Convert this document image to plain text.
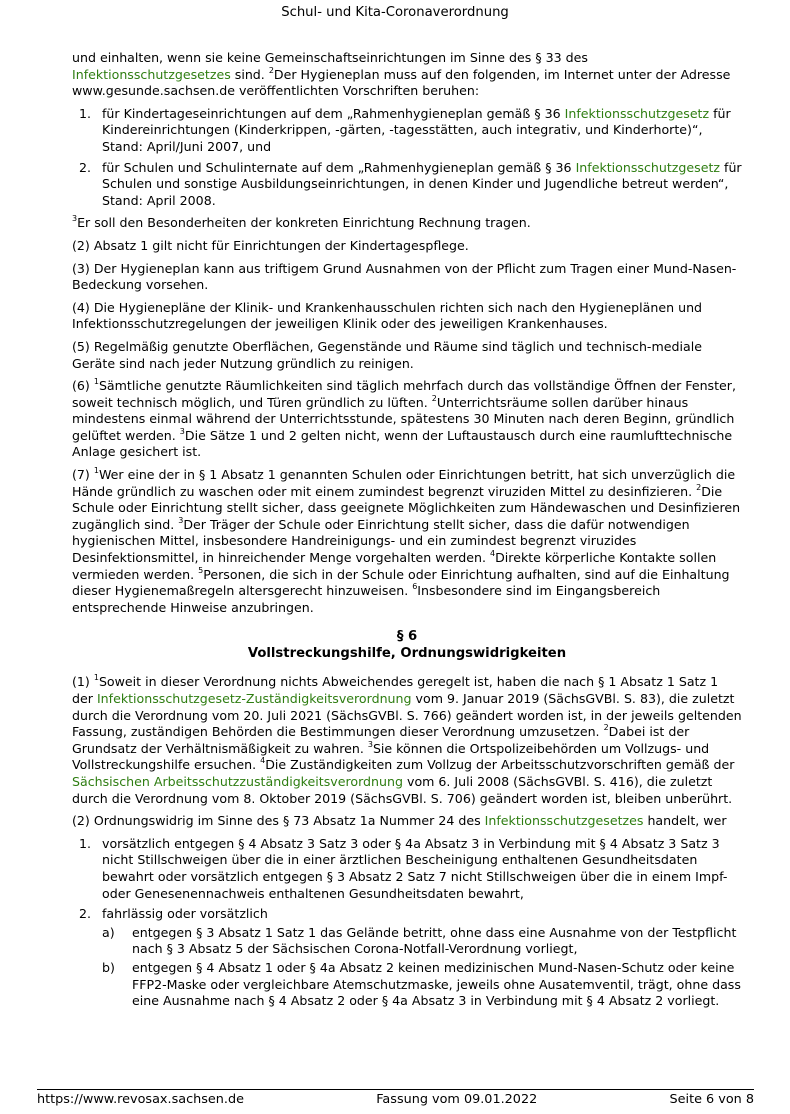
Schul- und Kita-Coronaverordnung

und einhalten, wenn sie keine Gemeinschaftseinrichtungen im Sinne des § 33 des Infektionsschutzgesetzes sind. $^2$Der Hygieneplan muss auf den folgenden, im Internet unter der Adresse www.gesunde.sachsen.de veröffentlichten Vorschriften beruhen:

1. für Kindertageseinrichtungen auf dem „Rahmenhygieneplan gemäß § 36 Infektionsschutzgesetz für Kindereinrichtungen (Kinderkrippen, -gärten, -tagesstätten, auch integrativ, und Kinderhorte)“, Stand: April/Juni 2007, und
2. für Schulen und Schulinternate auf dem „Rahmenhygieneplan gemäß § 36 Infektionsschutzgesetz für Schulen und sonstige Ausbildungseinrichtungen, in denen Kinder und Jugendliche betreut werden“, Stand: April 2008.

$^3$Er soll den Besonderheiten der konkreten Einrichtung Rechnung tragen.

(2) Absatz 1 gilt nicht für Einrichtungen der Kindertagespflege.

(3) Der Hygieneplan kann aus triftigem Grund Ausnahmen von der Pflicht zum Tragen einer Mund-Nasen-Bedeckung vorsehen.

(4) Die Hygienepläne der Klinik- und Krankenhausschulen richten sich nach den Hygieneplänen und Infektionsschutzregelungen der jeweiligen Klinik oder des jeweiligen Krankenhauses.

(5) Regelmäßig genutzte Oberflächen, Gegenstände und Räume sind täglich und technisch-mediale Geräte sind nach jeder Nutzung gründlich zu reinigen.

(6) $^1$Sämtliche genutzte Räumlichkeiten sind täglich mehrfach durch das vollständige Öffnen der Fenster, soweit technisch möglich, und Türen gründlich zu lüften. $^2$Unterrichtsräume sollen darüber hinaus mindestens einmal während der Unterrichtsstunde, spätestens 30 Minuten nach deren Beginn, gründlich gelüftet werden. $^3$Die Sätze 1 und 2 gelten nicht, wenn der Luftaustausch durch eine raumlufttechnische Anlage gesichert ist.

(7) $^1$Wer eine der in § 1 Absatz 1 genannten Schulen oder Einrichtungen betritt, hat sich unverzüglich die Hände gründlich zu waschen oder mit einem zumindest begrenzt viruziden Mittel zu desinfizieren. $^2$Die Schule oder Einrichtung stellt sicher, dass geeignete Möglichkeiten zum Händewaschen und Desinfizieren zugänglich sind. $^3$Der Träger der Schule oder Einrichtung stellt sicher, dass die dafür notwendigen hygienischen Mittel, insbesondere Handreinigungs- und ein zumindest begrenzt viruzides Desinfektionsmittel, in hinreichender Menge vorgehalten werden. $^4$Direkte körperliche Kontakte sollen vermieden werden. $^5$Personen, die sich in der Schule oder Einrichtung aufhalten, sind auf die Einhaltung dieser Hygienemaßregeln altersgerecht hinzuweisen. $^6$Insbesondere sind im Eingangsbereich entsprechende Hinweise anzubringen.

§ 6
Vollstreckungshilfe, Ordnungswidrigkeiten

(1) $^1$Soweit in dieser Verordnung nichts Abweichendes geregelt ist, haben die nach § 1 Absatz 1 Satz 1 der Infektionsschutzgesetz-Zuständigkeitsverordnung vom 9. Januar 2019 (SächsGVBl. S. 83), die zuletzt durch die Verordnung vom 20. Juli 2021 (SächsGVBl. S. 766) geändert worden ist, in der jeweils geltenden Fassung, zuständigen Behörden die Bestimmungen dieser Verordnung umzusetzen. $^2$Dabei ist der Grundsatz der Verhältnismäßigkeit zu wahren. $^3$Sie können die Ortspolizeibehörden um Vollzugs- und Vollstreckungshilfe ersuchen. $^4$Die Zuständigkeiten zum Vollzug der Arbeitsschutzvorschriften gemäß der Sächsischen Arbeitsschutzzuständigkeitsverordnung vom 6. Juli 2008 (SächsGVBl. S. 416), die zuletzt durch die Verordnung vom 8. Oktober 2019 (SächsGVBl. S. 706) geändert worden ist, bleiben unberührt.

(2) Ordnungswidrig im Sinne des § 73 Absatz 1a Nummer 24 des Infektionsschutzgesetzes handelt, wer

1. vorsätzlich entgegen § 4 Absatz 3 Satz 3 oder § 4a Absatz 3 in Verbindung mit § 4 Absatz 3 Satz 3 nicht Stillschweigen über die in einer ärztlichen Bescheinigung enthaltenen Gesundheitsdaten bewahrt oder vorsätzlich entgegen § 3 Absatz 2 Satz 7 nicht Stillschweigen über die in einem Impf- oder Genesenennachweis enthaltenen Gesundheitsdaten bewahrt,
2. fahrlässig oder vorsätzlich
a) entgegen § 3 Absatz 1 Satz 1 das Gelände betritt, ohne dass eine Ausnahme von der Testpflicht nach § 3 Absatz 5 der Sächsischen Corona-Notfall-Verordnung vorliegt,
b) entgegen § 4 Absatz 1 oder § 4a Absatz 2 keinen medizinischen Mund-Nasen-Schutz oder keine FFP2-Maske oder vergleichbare Atemschutzmaske, jeweils ohne Ausatemventil, trägt, ohne dass eine Ausnahme nach § 4 Absatz 2 oder § 4a Absatz 3 in Verbindung mit § 4 Absatz 2 vorliegt.
https://www.revosax.sachsen.de	Fassung vom 09.01.2022	Seite 6 von 8
